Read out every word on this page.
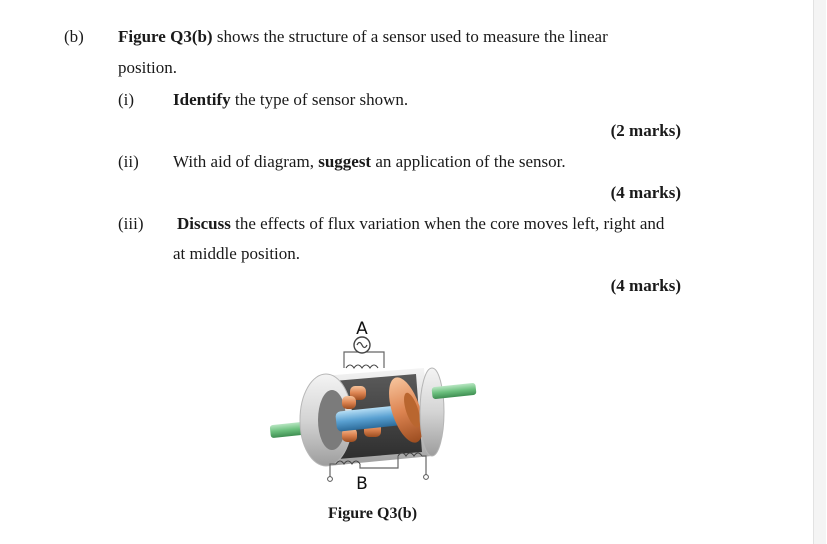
(b) Figure Q3(b) shows the structure of a sensor used to measure the linear
position.
(i) Identify the type of sensor shown.
(2 marks)
(ii) With aid of diagram, suggest an application of the sensor.
(4 marks)
(iii) Discuss the effects of flux variation when the core moves left, right and
at middle position.
(4 marks)
A
B
Figure Q3(b)
